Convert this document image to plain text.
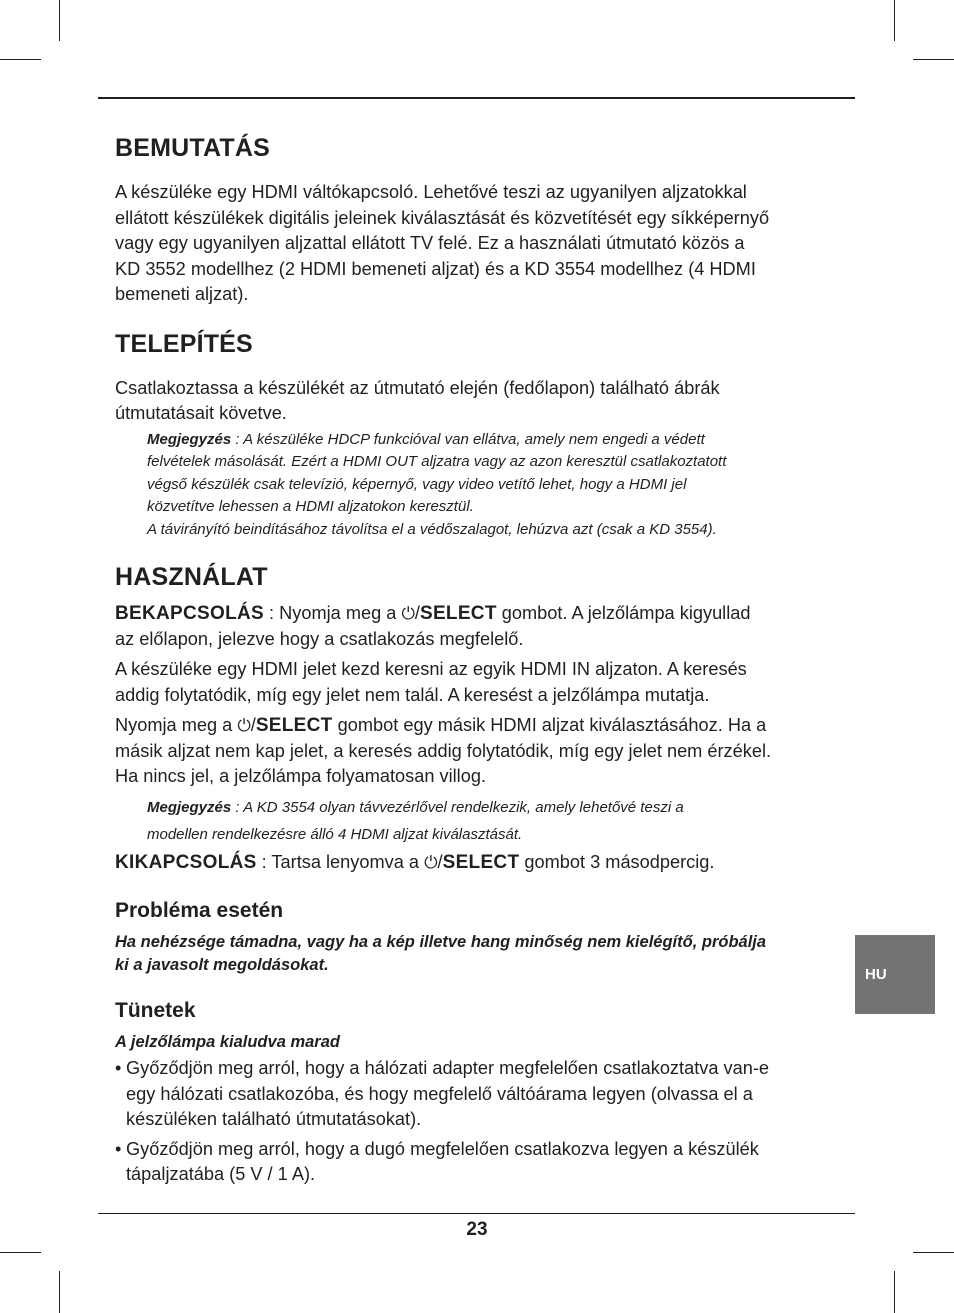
BEMUTATÁS

A készüléke egy HDMI váltókapcsoló. Lehetővé teszi az ugyanilyen aljzatokkal

ellátott készülékek digitális jeleinek kiválasztását és közvetítését egy síkképernyő

vagy egy ugyanilyen aljzattal ellátott TV felé. Ez a használati útmutató közös a

KD 3552 modellhez (2 HDMI bemeneti aljzat) és a KD 3554 modellhez (4 HDMI

bemeneti aljzat).

TELEPÍTÉS

Csatlakoztassa a készülékét az útmutató elején (fedőlapon) található ábrák

útmutatásait követve.

Megjegyzés : A készüléke HDCP funkcióval van ellátva, amely nem engedi a védett
felvételek másolását. Ezért a HDMI OUT aljzatra vagy az azon keresztül csatlakoztatott
végső készülék csak televízió, képernyő, vagy video vetítő lehet, hogy a HDMI jel
közvetítve lehessen a HDMI aljzatokon keresztül.
A távirányító beindításához távolítsa el a védőszalagot, lehúzva azt (csak a KD 3554).
HASZNÁLAT

BEKAPCSOLÁS : Nyomja meg a ⏻/SELECT gombot. A jelzőlámpa kigyullad

az előlapon, jelezve hogy a csatlakozás megfelelő.

A készüléke egy HDMI jelet kezd keresni az egyik HDMI IN aljzaton. A keresés

addig folytatódik, míg egy jelet nem talál. A keresést a jelzőlámpa mutatja.

Nyomja meg a ⏻/SELECT gombot egy másik HDMI aljzat kiválasztásához. Ha a

másik aljzat nem kap jelet, a keresés addig folytatódik, míg egy jelet nem érzékel.

Ha nincs jel, a jelzőlámpa folyamatosan villog.

Megjegyzés : A KD 3554 olyan távvezérlővel rendelkezik, amely lehetővé teszi a
modellen rendelkezésre álló 4 HDMI aljzat kiválasztását.

KIKAPCSOLÁS : Tartsa lenyomva a ⏻/SELECT gombot 3 másodpercig.

Probléma esetén
Ha nehézsége támadna, vagy ha a kép illetve hang minőség nem kielégítő, próbálja
ki a javasolt megoldásokat.
Tünetek
A jelzőlámpa kialudva marad
• Győződjön meg arról, hogy a hálózati adapter megfelelően csatlakoztatva van-e
egy hálózati csatlakozóba, és hogy megfelelő váltóárama legyen (olvassa el a
készüléken található útmutatásokat).
• Győződjön meg arról, hogy a dugó megfelelően csatlakozva legyen a készülék
tápaljzatába (5 V / 1 A).
HU
23
